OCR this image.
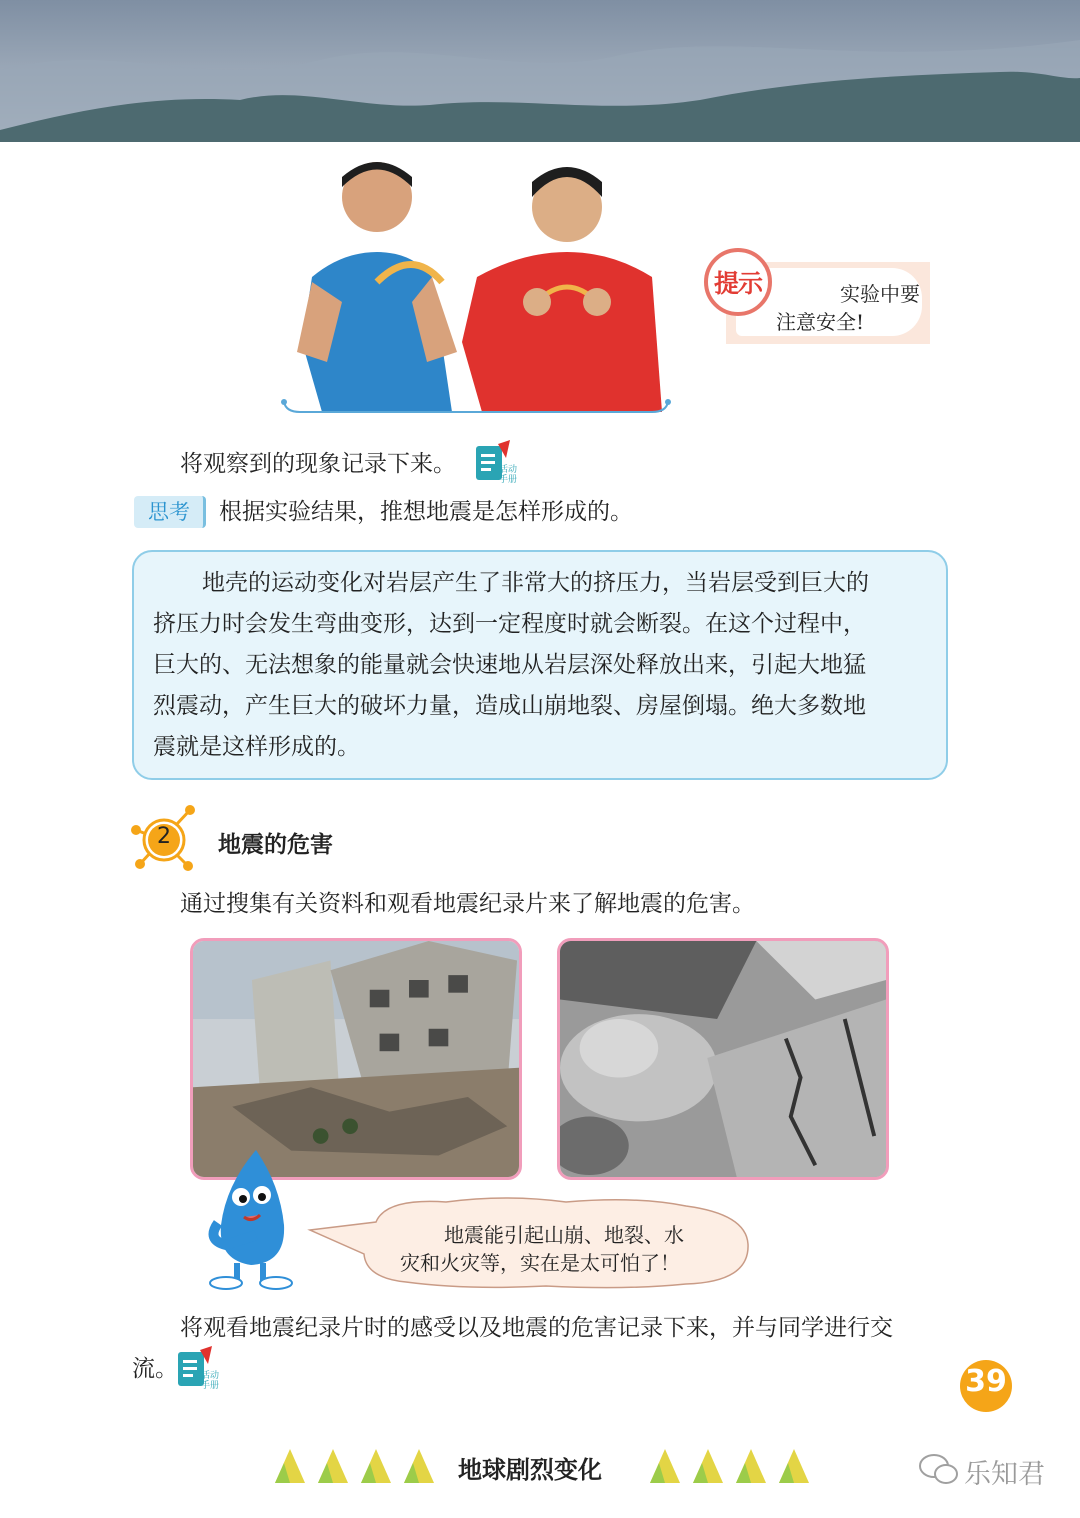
提示	实验中要
注意安全!
将观察到的现象记录下来。	活动
手册
思考	根据实验结果，推想地震是怎样形成的。
地壳的运动变化对岩层产生了非常大的挤压力，当岩层受到巨大的
挤压力时会发生弯曲变形，达到一定程度时就会断裂。在这个过程中，
巨大的、无法想象的能量就会快速地从岩层深处释放出来，引起大地猛
烈震动，产生巨大的破坏力量，造成山崩地裂、房屋倒塌。绝大多数地
震就是这样形成的。
2	地震的危害
通过搜集有关资料和观看地震纪录片来了解地震的危害。
地震能引起山崩、地裂、水
灾和火灾等，实在是太可怕了！
将观看地震纪录片时的感受以及地震的危害记录下来，并与同学进行交
流。	活动
手册	39
地球剧烈变化	乐知君
